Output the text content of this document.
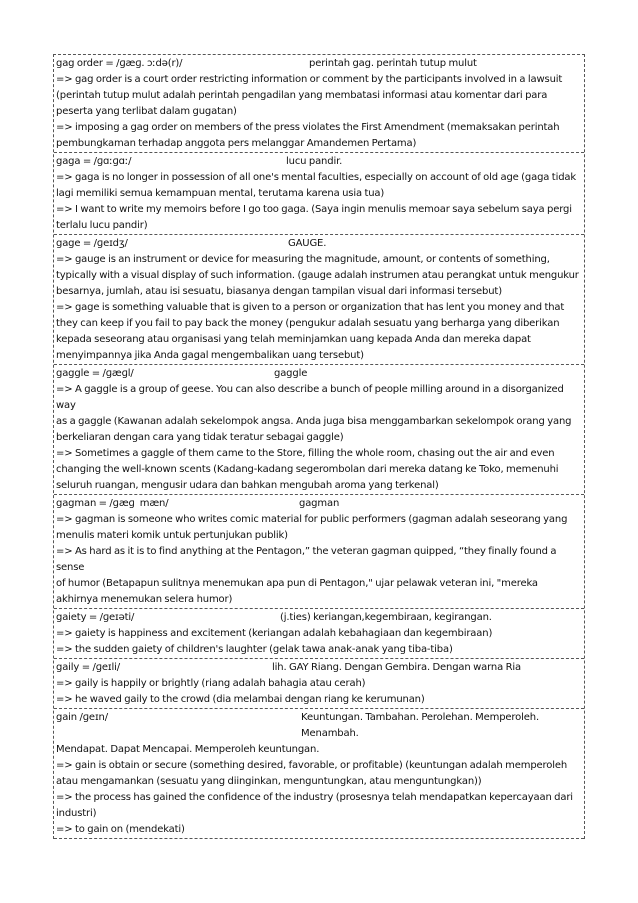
gag order = /ɡæɡ. ɔːdə(r)/	perintah gag. perintah tutup mulut
=> gag order is a court order restricting information or comment by the participants involved in a lawsuit
(perintah tutup mulut adalah perintah pengadilan yang membatasi informasi atau komentar dari para
peserta yang terlibat dalam gugatan)
=> imposing a gag order on members of the press violates the First Amendment (memaksakan perintah
pembungkaman terhadap anggota pers melanggar Amandemen Pertama)
gaga = /ɡɑːɡɑː/	lucu pandir.
=> gaga is no longer in possession of all one's mental faculties, especially on account of old age (gaga tidak
lagi memiliki semua kemampuan mental, terutama karena usia tua)
=> I want to write my memoirs before I go too gaga. (Saya ingin menulis memoar saya sebelum saya pergi
terlalu lucu pandir)
gage = /ɡeɪdʒ/	GAUGE.
=> gauge is an instrument or device for measuring the magnitude, amount, or contents of something,
typically with a visual display of such information. (gauge adalah instrumen atau perangkat untuk mengukur
besarnya, jumlah, atau isi sesuatu, biasanya dengan tampilan visual dari informasi tersebut)
=> gage is something valuable that is given to a person or organization that has lent you money and that
they can keep if you fail to pay back the money (pengukur adalah sesuatu yang berharga yang diberikan
kepada seseorang atau organisasi yang telah meminjamkan uang kepada Anda dan mereka dapat
menyimpannya jika Anda gagal mengembalikan uang tersebut)
gaggle = /ɡæɡl/	gaggle
=> A gaggle is a group of geese. You can also describe a bunch of people milling around in a disorganized way
as a gaggle (Kawanan adalah sekelompok angsa. Anda juga bisa menggambarkan sekelompok orang yang
berkeliaran dengan cara yang tidak teratur sebagai gaggle)
=> Sometimes a gaggle of them came to the Store, filling the whole room, chasing out the air and even
changing the well-known scents (Kadang-kadang segerombolan dari mereka datang ke Toko, memenuhi
seluruh ruangan, mengusir udara dan bahkan mengubah aroma yang terkenal)
gagman = /ɡæɡ  mæn/	gagman
=> gagman is someone who writes comic material for public performers (gagman adalah seseorang yang
menulis materi komik untuk pertunjukan publik)
=> As hard as it is to find anything at the Pentagon,” the veteran gagman quipped, “they finally found a sense
of humor (Betapapun sulitnya menemukan apa pun di Pentagon," ujar pelawak veteran ini, "mereka
akhirnya menemukan selera humor)
gaiety = /ɡeɪəti/	(j.ties) keriangan,kegembiraan, kegirangan.
=> gaiety is happiness and excitement (keriangan adalah kebahagiaan dan kegembiraan)
=> the sudden gaiety of children's laughter (gelak tawa anak-anak yang tiba-tiba)
gaily = /ɡeɪli/	lih. GAY Riang. Dengan Gembira. Dengan warna Ria
=> gaily is happily or brightly (riang adalah bahagia atau cerah)
=> he waved gaily to the crowd (dia melambai dengan riang ke kerumunan)
gain /ɡeɪn/	Keuntungan. Tambahan. Perolehan. Memperoleh. Menambah.
Mendapat. Dapat Mencapai. Memperoleh keuntungan.
=> gain is obtain or secure (something desired, favorable, or profitable) (keuntungan adalah memperoleh
atau mengamankan (sesuatu yang diinginkan, menguntungkan, atau menguntungkan))
=> the process has gained the confidence of the industry (prosesnya telah mendapatkan kepercayaan dari
industri)
=> to gain on (mendekati)
